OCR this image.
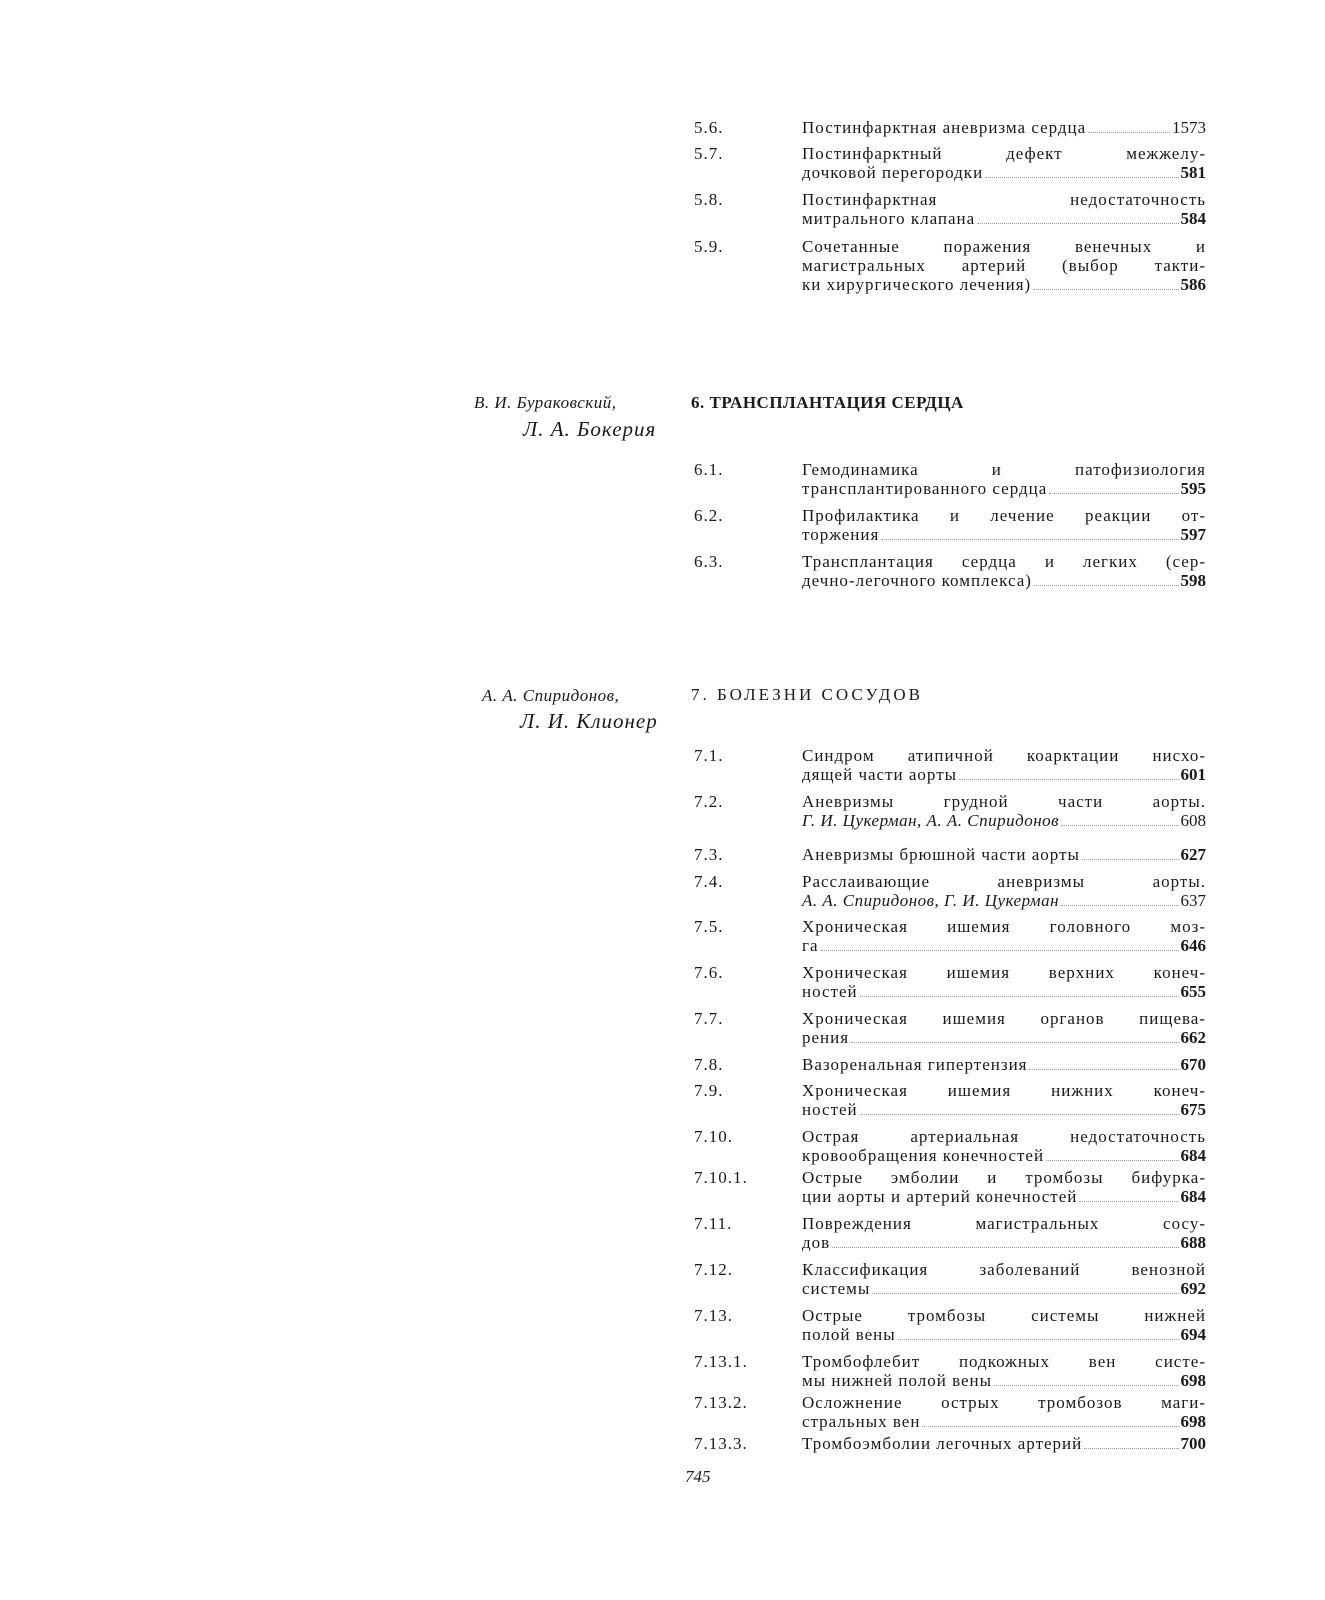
5.6.	Постинфарктная аневризма сердца	1573
5.7.	Постинфарктный дефект межжелу-
дочковой перегородки	581
5.8.	Постинфарктная недостаточность
митрального клапана	584
5.9.	Сочетанные поражения венечных и
магистральных артерий (выбор такти-
ки хирургического лечения)	586
В. И. Бураковский,
Л. А. Бокерия
6. ТРАНСПЛАНТАЦИЯ СЕРДЦА
6.1.	Гемодинамика и патофизиология
трансплантированного сердца	595
6.2.	Профилактика и лечение реакции от-
торжения	597
6.3.	Трансплантация сердца и легких (сер-
дечно-легочного комплекса)	598
А. А. Спиридонов,
Л. И. Клионер
7. БОЛЕЗНИ СОСУДОВ
7.1.	Синдром атипичной коарктации нисхо-
дящей части аорты	601
7.2.	Аневризмы грудной части аорты.
Г. И. Цукерман, А. А. Спиридонов	608
7.3.	Аневризмы брюшной части аорты	627
7.4.	Расслаивающие аневризмы аорты.
А. А. Спиридонов, Г. И. Цукерман	637
7.5.	Хроническая ишемия головного моз-
га	646
7.6.	Хроническая ишемия верхних конеч-
ностей	655
7.7.	Хроническая ишемия органов пищева-
рения	662
7.8.	Вазоренальная гипертензия	670
7.9.	Хроническая ишемия нижних конеч-
ностей	675
7.10.	Острая артериальная недостаточность
кровообращения конечностей	684
7.10.1.	Острые эмболии и тромбозы бифурка-
ции аорты и артерий конечностей	684
7.11.	Повреждения магистральных сосу-
дов	688
7.12.	Классификация заболеваний венозной
системы	692
7.13.	Острые тромбозы системы нижней
полой вены	694
7.13.1.	Тромбофлебит подкожных вен систе-
мы нижней полой вены	698
7.13.2.	Осложнение острых тромбозов маги-
стральных вен	698
7.13.3.	Тромбоэмболии легочных артерий	700
745
